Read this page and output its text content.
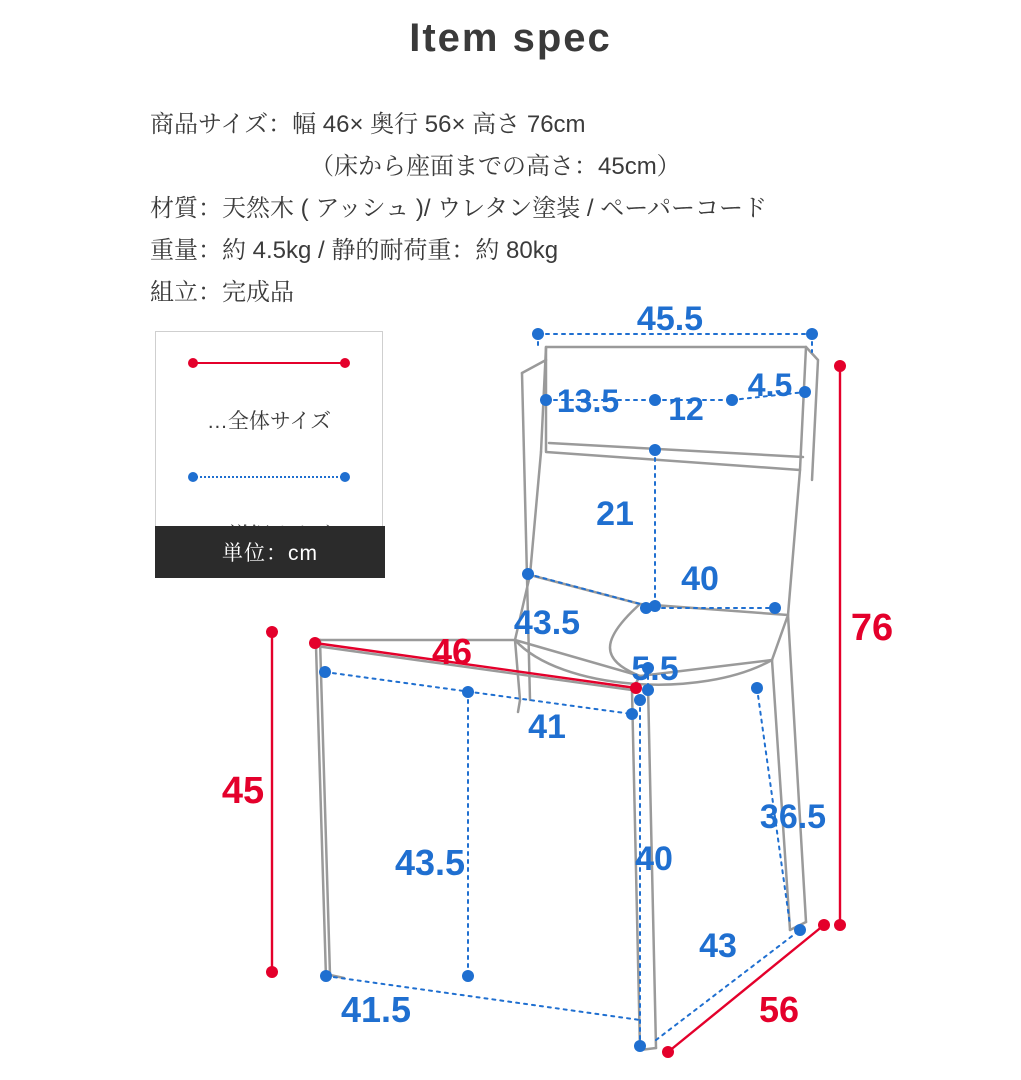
Item spec
商品サイズ：幅 46× 奥行 56× 高さ 76cm
（床から座面までの高さ：45cm）
材質：天然木 ( アッシュ )/ ウレタン塗装 / ペーパーコード
重量：約 4.5kg / 静的耐荷重：約 80kg
組立：完成品
…全体サイズ
単位：cm
45.5
13.5 12
4.5
21
40
43.5
5.5
41
36.5
43.5	40
43
41.5
46
76
45
56
